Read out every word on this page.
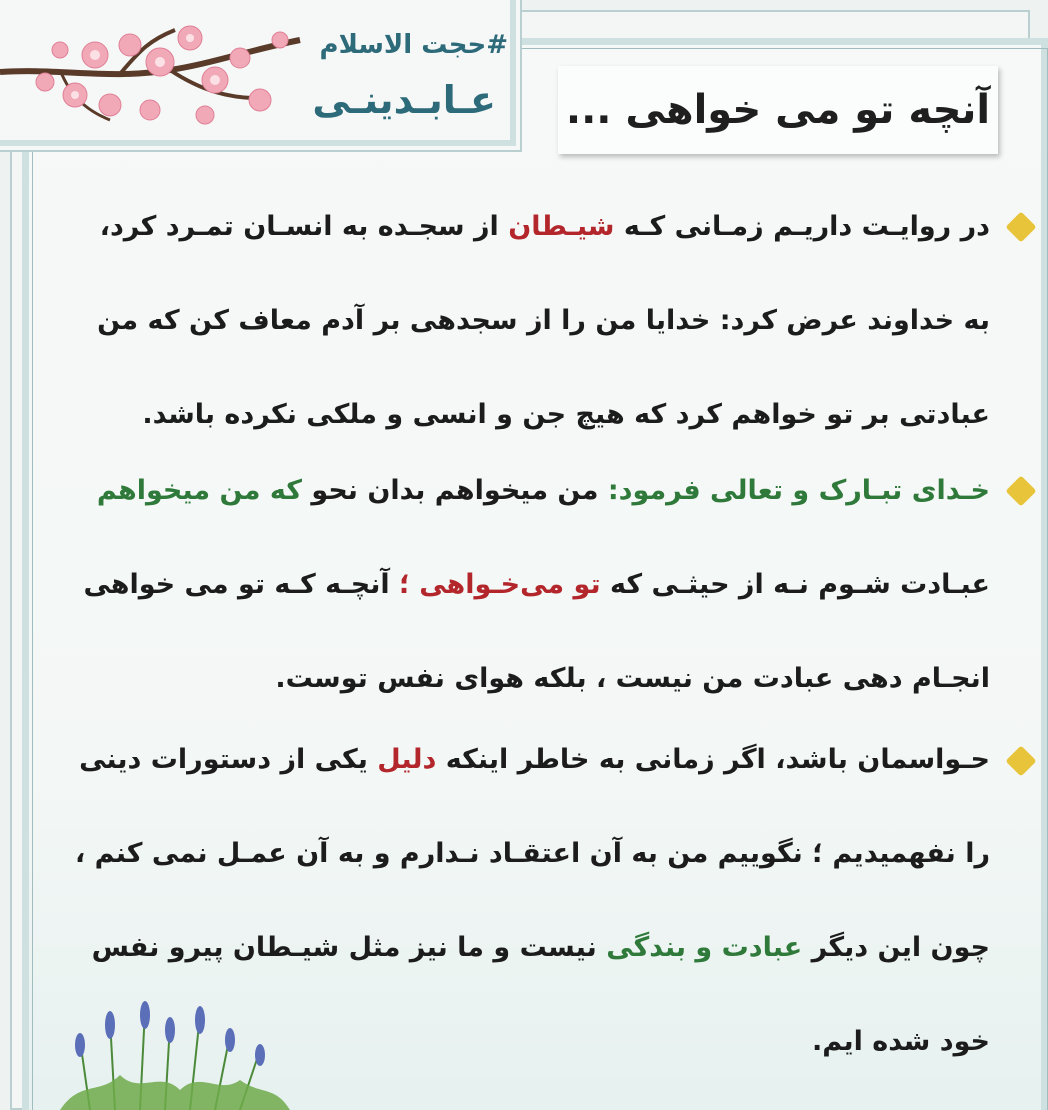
#حجت الاسلام
عـابـدینـی آنچه تو می خواهی ...
در روایـت داریـم زمـانی کـه شیـطان از سجـده به انسـان تمـرد کرد،
به خداوند عرض کرد: خدایا من را از سجدهی بر آدم معاف کن که من
عبادتی بر تو خواهم کرد که هیچ جن و انسی و ملکی نکرده باشد.
خـدای تبـارک و تعالی فرمود: من میخواهم بدان نحو که من میخواهم
عبـادت شـوم نـه از حیثـی که تو می‌خـواهی ؛ آنچـه کـه تو می خواهی
انجـام دهی عبادت من نیست ، بلکه هوای نفس توست.
حـواسمان باشد، اگر زمانی به خاطر اینکه دلیل یکی از دستورات دینی
را نفهمیدیم ؛ نگوییم من به آن اعتقـاد نـدارم و به آن عمـل نمی کنم ،
چون این دیگر عبادت و بندگی نیست و ما نیز مثل شیـطان پیرو نفس
خود شده ایم.
